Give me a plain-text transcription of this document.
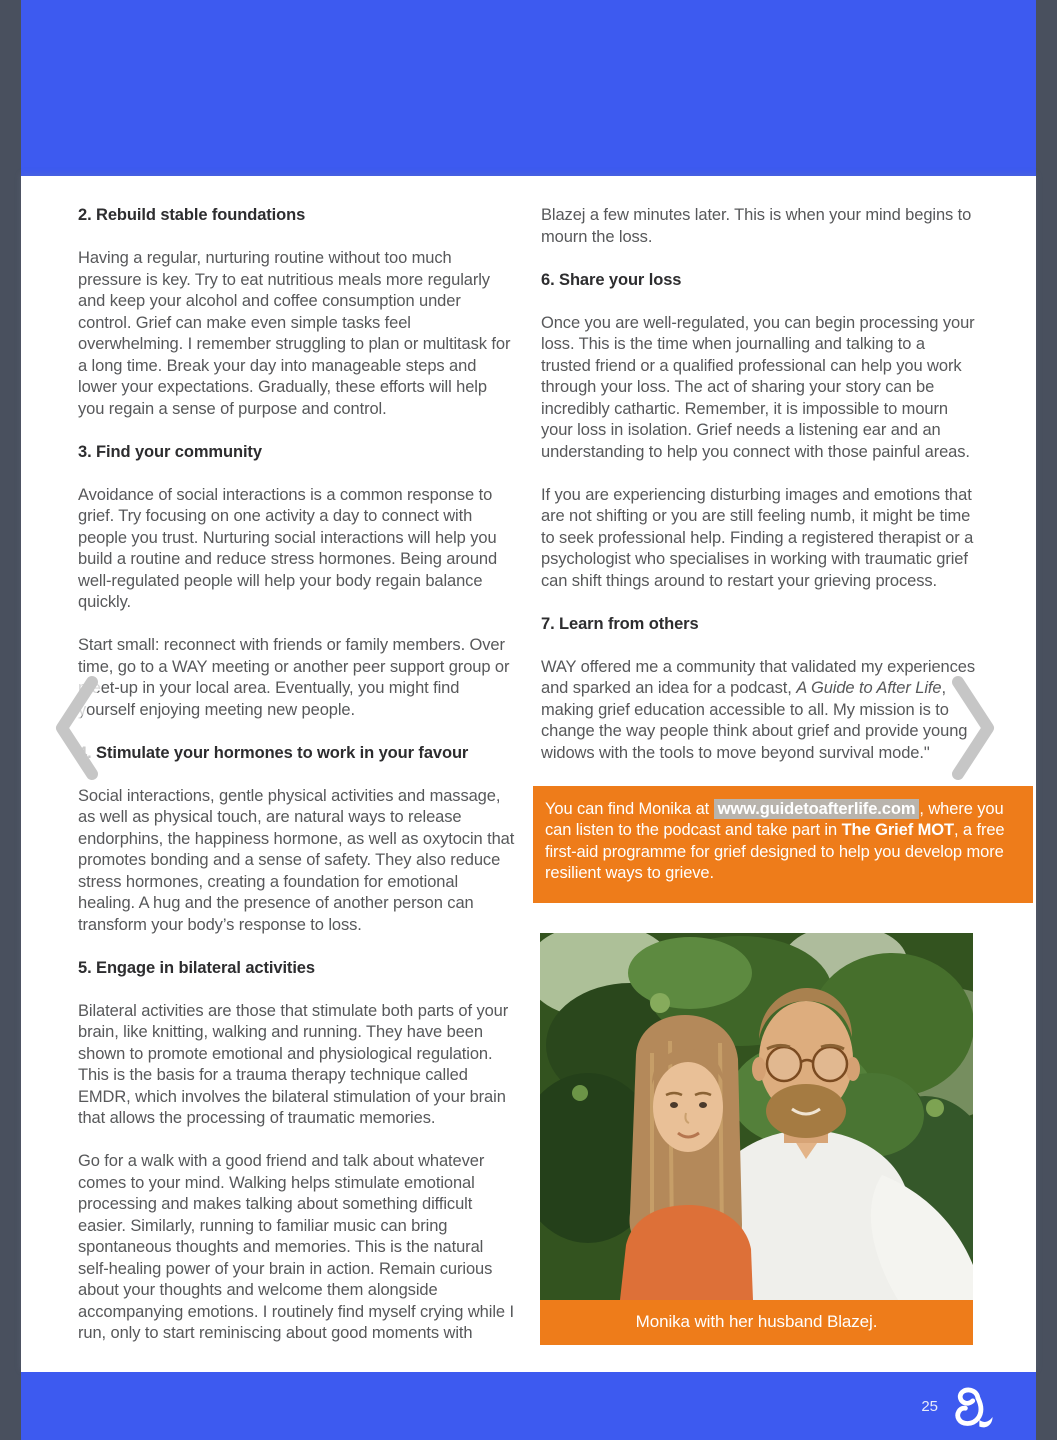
2. Rebuild stable foundations

Having a regular, nurturing routine without too much pressure is key. Try to eat nutritious meals more regularly and keep your alcohol and coffee consumption under control. Grief can make even simple tasks feel overwhelming. I remember struggling to plan or multitask for a long time. Break your day into manageable steps and lower your expectations. Gradually, these efforts will help you regain a sense of purpose and control.

3. Find your community

Avoidance of social interactions is a common response to grief. Try focusing on one activity a day to connect with people you trust. Nurturing social interactions will help you build a routine and reduce stress hormones. Being around well-regulated people will help your body regain balance quickly.

Start small: reconnect with friends or family members. Over time, go to a WAY meeting or another peer support group or meet-up in your local area. Eventually, you might find yourself enjoying meeting new people.

4. Stimulate your hormones to work in your favour

Social interactions, gentle physical activities and massage, as well as physical touch, are natural ways to release endorphins, the happiness hormone, as well as oxytocin that promotes bonding and a sense of safety. They also reduce stress hormones, creating a foundation for emotional healing. A hug and the presence of another person can transform your body’s response to loss.

5. Engage in bilateral activities

Bilateral activities are those that stimulate both parts of your brain, like knitting, walking and running. They have been shown to promote emotional and physiological regulation. This is the basis for a trauma therapy technique called EMDR, which involves the bilateral stimulation of your brain that allows the processing of traumatic memories.

Go for a walk with a good friend and talk about whatever comes to your mind. Walking helps stimulate emotional processing and makes talking about something difficult easier. Similarly, running to familiar music can bring spontaneous thoughts and memories. This is the natural self-healing power of your brain in action. Remain curious about your thoughts and welcome them alongside accompanying emotions. I routinely find myself crying while I run, only to start reminiscing about good moments with

Blazej a few minutes later. This is when your mind begins to mourn the loss.

6. Share your loss

Once you are well-regulated, you can begin processing your loss. This is the time when journalling and talking to a trusted friend or a qualified professional can help you work through your loss. The act of sharing your story can be incredibly cathartic. Remember, it is impossible to mourn your loss in isolation. Grief needs a listening ear and an understanding to help you connect with those painful areas.

If you are experiencing disturbing images and emotions that are not shifting or you are still feeling numb, it might be time to seek professional help. Finding a registered therapist or a psychologist who specialises in working with traumatic grief can shift things around to restart your grieving process.

7. Learn from others

WAY offered me a community that validated my experiences and sparked an idea for a podcast, A Guide to After Life, making grief education accessible to all. My mission is to change the way people think about grief and provide young widows with the tools to move beyond survival mode."

You can find Monika at www.guidetoafterlife.com , where you can listen to the podcast and take part in The Grief MOT, a free first-aid programme for grief designed to help you develop more resilient ways to grieve.
Monika with her husband Blazej.
25
